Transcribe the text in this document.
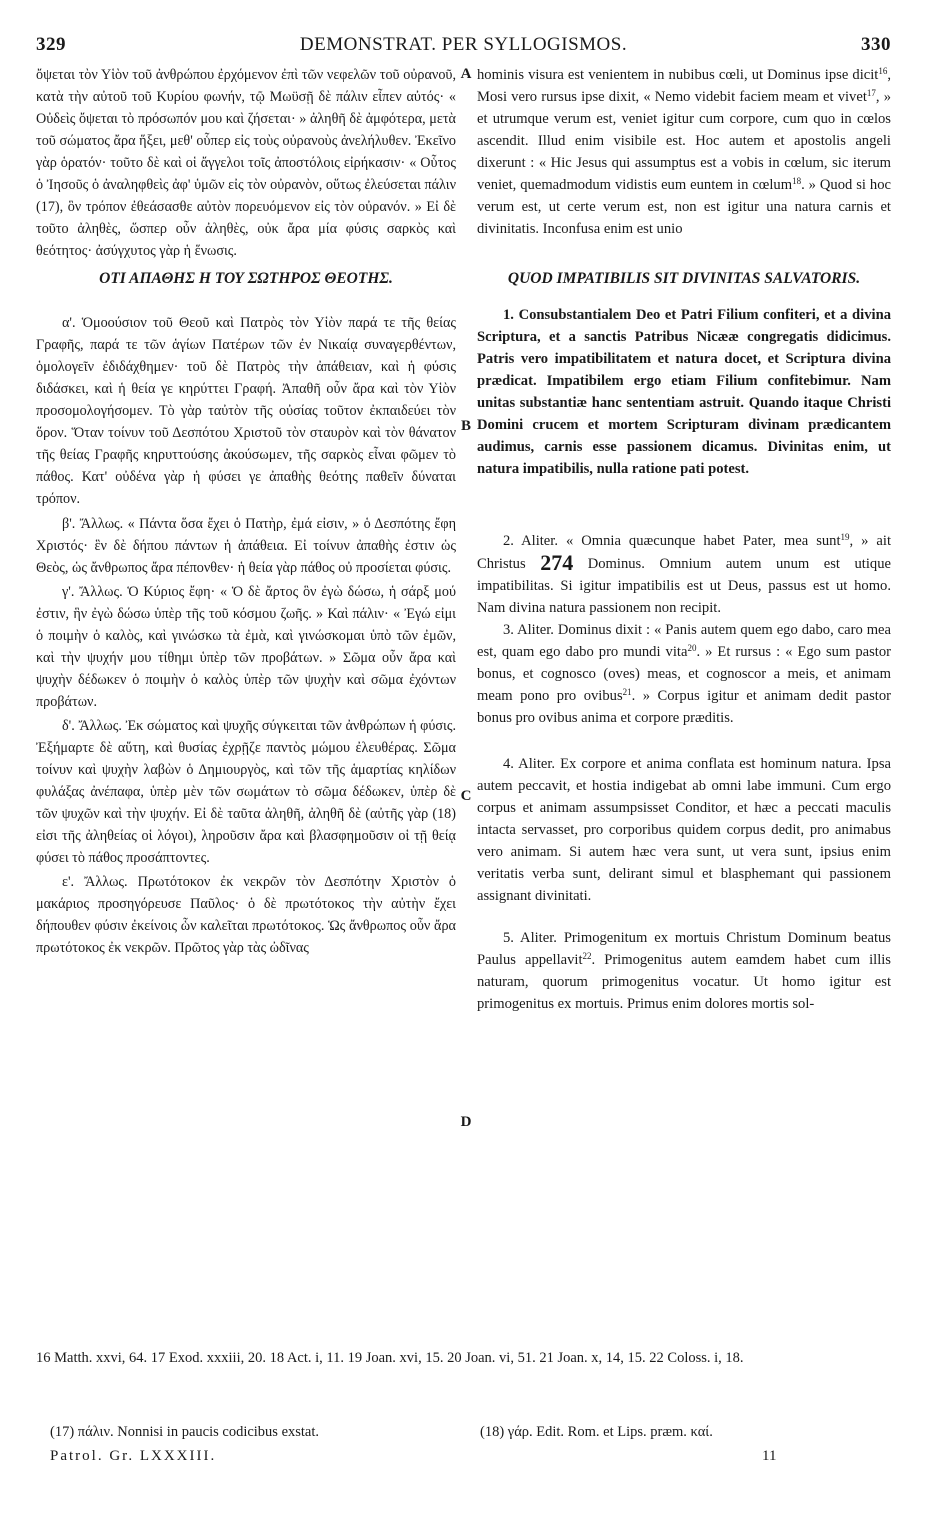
329	DEMONSTRAT. PER SYLLOGISMOS.	330

ὄψεται τὸν Υἱὸν τοῦ ἀνθρώπου ἐρχόμενον ἐπὶ τῶν νεφελῶν τοῦ οὐρανοῦ, κατὰ τὴν αὐτοῦ τοῦ Κυρίου φωνήν, τῷ Μωϋσῇ δὲ πάλιν εἶπεν αὐτός· « Οὐδεὶς ὄψεται τὸ πρόσωπόν μου καὶ ζήσεται· » ἀληθῆ δὲ ἀμφότερα, μετὰ τοῦ σώματος ἄρα ἥξει, μεθ' οὗπερ εἰς τοὺς οὐρανοὺς ἀνελήλυθεν. Ἐκεῖνο γὰρ ὁρατόν· τοῦτο δὲ καὶ οἱ ἄγγελοι τοῖς ἀποστόλοις εἰρήκασιν· « Οὗτος ὁ Ἰησοῦς ὁ ἀναληφθεὶς ἀφ' ὑμῶν εἰς τὸν οὐρανὸν, οὕτως ἐλεύσεται πάλιν (17), ὃν τρόπον ἐθεάσασθε αὐτὸν πορευόμενον εἰς τὸν οὐρανόν. » Εἰ δὲ τοῦτο ἀληθὲς, ὥσπερ οὖν ἀληθὲς, οὐκ ἄρα μία φύσις σαρκὸς καὶ θεότητος· ἀσύγχυτος γὰρ ἡ ἕνωσις.

ΟΤΙ ΑΠΑΘΗΣ Η ΤΟΥ ΣΩΤΗΡΟΣ ΘΕΟΤΗΣ.

α'. Ὁμοούσιον τοῦ Θεοῦ καὶ Πατρὸς τὸν Υἱὸν παρά τε τῆς θείας Γραφῆς, παρά τε τῶν ἁγίων Πατέρων τῶν ἐν Νικαίᾳ συναγερθέντων, ὁμολογεῖν ἐδιδάχθημεν· τοῦ δὲ Πατρὸς τὴν ἀπάθειαν, καὶ ἡ φύσις διδάσκει, καὶ ἡ θεία γε κηρύττει Γραφή. Ἀπαθῆ οὖν ἄρα καὶ τὸν Υἱὸν προσομολογήσομεν. Τὸ γὰρ ταὐτὸν τῆς οὐσίας τοῦτον ἐκπαιδεύει τὸν ὅρον. Ὅταν τοίνυν τοῦ Δεσπότου Χριστοῦ τὸν σταυρὸν καὶ τὸν θάνατον τῆς θείας Γραφῆς κηρυττούσης ἀκούσωμεν, τῆς σαρκὸς εἶναι φῶμεν τὸ πάθος. Κατ' οὐδένα γὰρ ἡ φύσει γε ἀπαθὴς θεότης παθεῖν δύναται τρόπον.

β'. Ἄλλως. « Πάντα ὅσα ἔχει ὁ Πατὴρ, ἐμά εἰσιν, » ὁ Δεσπότης ἔφη Χριστός· ἓν δὲ δήπου πάντων ἡ ἀπάθεια. Εἰ τοίνυν ἀπαθὴς ἐστιν ὡς Θεὸς, ὡς ἄνθρωπος ἄρα πέπονθεν· ἡ θεία γὰρ πάθος οὐ προσίεται φύσις.

γ'. Ἄλλως. Ὁ Κύριος ἔφη· « Ὁ δὲ ἄρτος ὃν ἐγὼ δώσω, ἡ σάρξ μού ἐστιν, ἣν ἐγὼ δώσω ὑπὲρ τῆς τοῦ κόσμου ζωῆς. » Καὶ πάλιν· « Ἐγώ εἰμι ὁ ποιμὴν ὁ καλὸς, καὶ γινώσκω τὰ ἐμὰ, καὶ γινώσκομαι ὑπὸ τῶν ἐμῶν, καὶ τὴν ψυχήν μου τίθημι ὑπὲρ τῶν προβάτων. » Σῶμα οὖν ἄρα καὶ ψυχὴν δέδωκεν ὁ ποιμὴν ὁ καλὸς ὑπὲρ τῶν ψυχὴν καὶ σῶμα ἐχόντων προβάτων.

δ'. Ἄλλως. Ἐκ σώματος καὶ ψυχῆς σύγκειται τῶν ἀνθρώπων ἡ φύσις. Ἐξήμαρτε δὲ αὕτη, καὶ θυσίας ἐχρῇζε παντὸς μώμου ἐλευθέρας. Σῶμα τοίνυν καὶ ψυχὴν λαβὼν ὁ Δημιουργὸς, καὶ τῶν τῆς ἁμαρτίας κηλίδων φυλάξας ἀνέπαφα, ὑπὲρ μὲν τῶν σωμάτων τὸ σῶμα δέδωκεν, ὑπὲρ δὲ τῶν ψυχῶν καὶ τὴν ψυχήν. Εἰ δὲ ταῦτα ἀληθῆ, ἀληθῆ δὲ (αὐτῆς γὰρ (18) εἰσι τῆς ἀληθείας οἱ λόγοι), ληροῦσιν ἄρα καὶ βλασφημοῦσιν οἱ τῇ θείᾳ φύσει τὸ πάθος προσάπτοντες.

ε'. Ἄλλως. Πρωτότοκον ἐκ νεκρῶν τὸν Δεσπότην Χριστὸν ὁ μακάριος προσηγόρευσε Παῦλος· ὁ δὲ πρωτότοκος τὴν αὐτὴν ἔχει δήπουθεν φύσιν ἐκείνοις ὧν καλεῖται πρωτότοκος. Ὡς ἄνθρωπος οὖν ἄρα πρωτότοκος ἐκ νεκρῶν. Πρῶτος γὰρ τὰς ὠδῖνας

A
B
C
D

hominis visura est venientem in nubibus cœli, ut Dominus ipse dicit$^{16}$, Mosi vero rursus ipse dixit, « Nemo videbit faciem meam et vivet$^{17}$, » et utrumque verum est, veniet igitur cum corpore, cum quo in cœlos ascendit. Illud enim visibile est. Hoc autem et apostolis angeli dixerunt : « Hic Jesus qui assumptus est a vobis in cœlum, sic iterum veniet, quemadmodum vidistis eum euntem in cœlum$^{18}$. » Quod si hoc verum est, ut certe verum est, non est igitur una natura carnis et divinitatis. Inconfusa enim est unio

QUOD IMPATIBILIS SIT DIVINITAS SALVATORIS.

1. Consubstantialem Deo et Patri Filium confiteri, et a divina Scriptura, et a sanctis Patribus Nicææ congregatis didicimus. Patris vero impatibilitatem et natura docet, et Scriptura divina prædicat. Impatibilem ergo etiam Filium confitebimur. Nam unitas substantiæ hanc sententiam astruit. Quando itaque Christi Domini crucem et mortem Scripturam divinam prædicantem audimus, carnis esse passionem dicamus. Divinitas enim, ut natura impatibilis, nulla ratione pati potest.

2. Aliter. « Omnia quæcunque habet Pater, mea sunt$^{19}$, » ait Christus 274 Dominus. Omnium autem unum est utique impatibilitas. Si igitur impatibilis est ut Deus, passus est ut homo. Nam divina natura passionem non recipit.

3. Aliter. Dominus dixit : « Panis autem quem ego dabo, caro mea est, quam ego dabo pro mundi vita$^{20}$. » Et rursus : « Ego sum pastor bonus, et cognosco (oves) meas, et cognoscor a meis, et animam meam pono pro ovibus$^{21}$. » Corpus igitur et animam dedit pastor bonus pro ovibus anima et corpore præditis.

4. Aliter. Ex corpore et anima conflata est hominum natura. Ipsa autem peccavit, et hostia indigebat ab omni labe immuni. Cum ergo corpus et animam assumpsisset Conditor, et hæc a peccati maculis intacta servasset, pro corporibus quidem corpus dedit, pro animabus vero animam. Si autem hæc vera sunt, ut vera sunt, ipsius enim veritatis verba sunt, delirant simul et blasphemant qui passionem assignant divinitati.

5. Aliter. Primogenitum ex mortuis Christum Dominum beatus Paulus appellavit$^{22}$. Primogenitus autem eamdem habet cum illis naturam, quorum primogenitus vocatur. Ut homo igitur est primogenitus ex mortuis. Primus enim dolores mortis sol-

16 Matth. xxvi, 64. 17 Exod. xxxiii, 20. 18 Act. i, 11. 19 Joan. xvi, 15. 20 Joan. vi, 51. 21 Joan. x, 14, 15. 22 Coloss. i, 18.
(17) πάλιν. Nonnisi in paucis codicibus exstat.	(18) γάρ. Edit. Rom. et Lips. præm. καί.
Patrol. Gr. LXXXIII.	11
